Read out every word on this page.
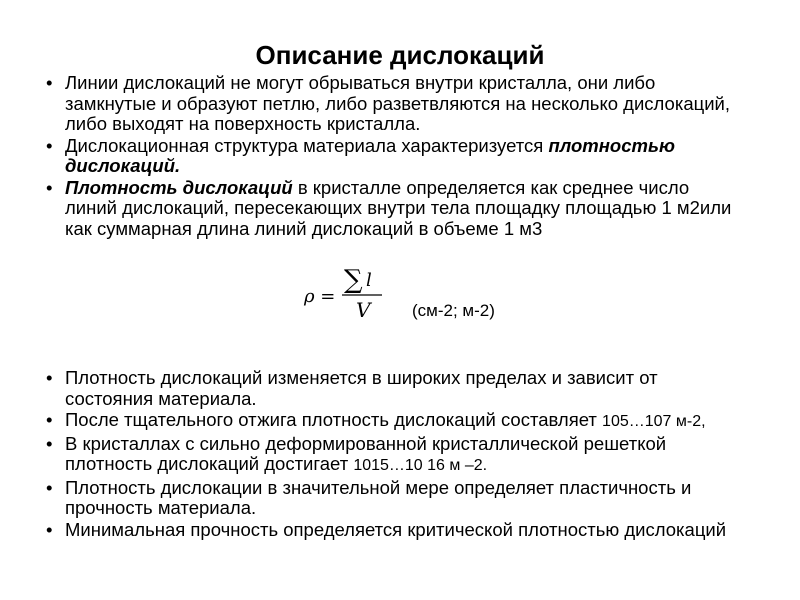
Описание дислокаций
• Линии дислокаций не могут обрываться внутри кристалла, они либо замкнутые и образуют петлю, либо разветвляются на несколько дислокаций, либо выходят на поверхность кристалла.
• Дислокационная структура материала характеризуется плотностью дислокаций.
• Плотность дислокаций в кристалле определяется как среднее число линий дислокаций, пересекающих внутри тела площадку площадью 1 м2или как суммарная длина линий дислокаций в объеме 1 м3
ρ =
∑ l
V (см-2; м-2)
• Плотность дислокаций изменяется в широких пределах и зависит от состояния материала.
• После тщательного отжига плотность дислокаций составляет 105…107 м-2,
• В кристаллах с сильно деформированной кристаллической решеткой плотность дислокаций достигает 1015…10 16 м –2.
• Плотность дислокации в значительной мере определяет пластичность и прочность материала.
• Минимальная прочность определяется критической плотностью дислокаций
